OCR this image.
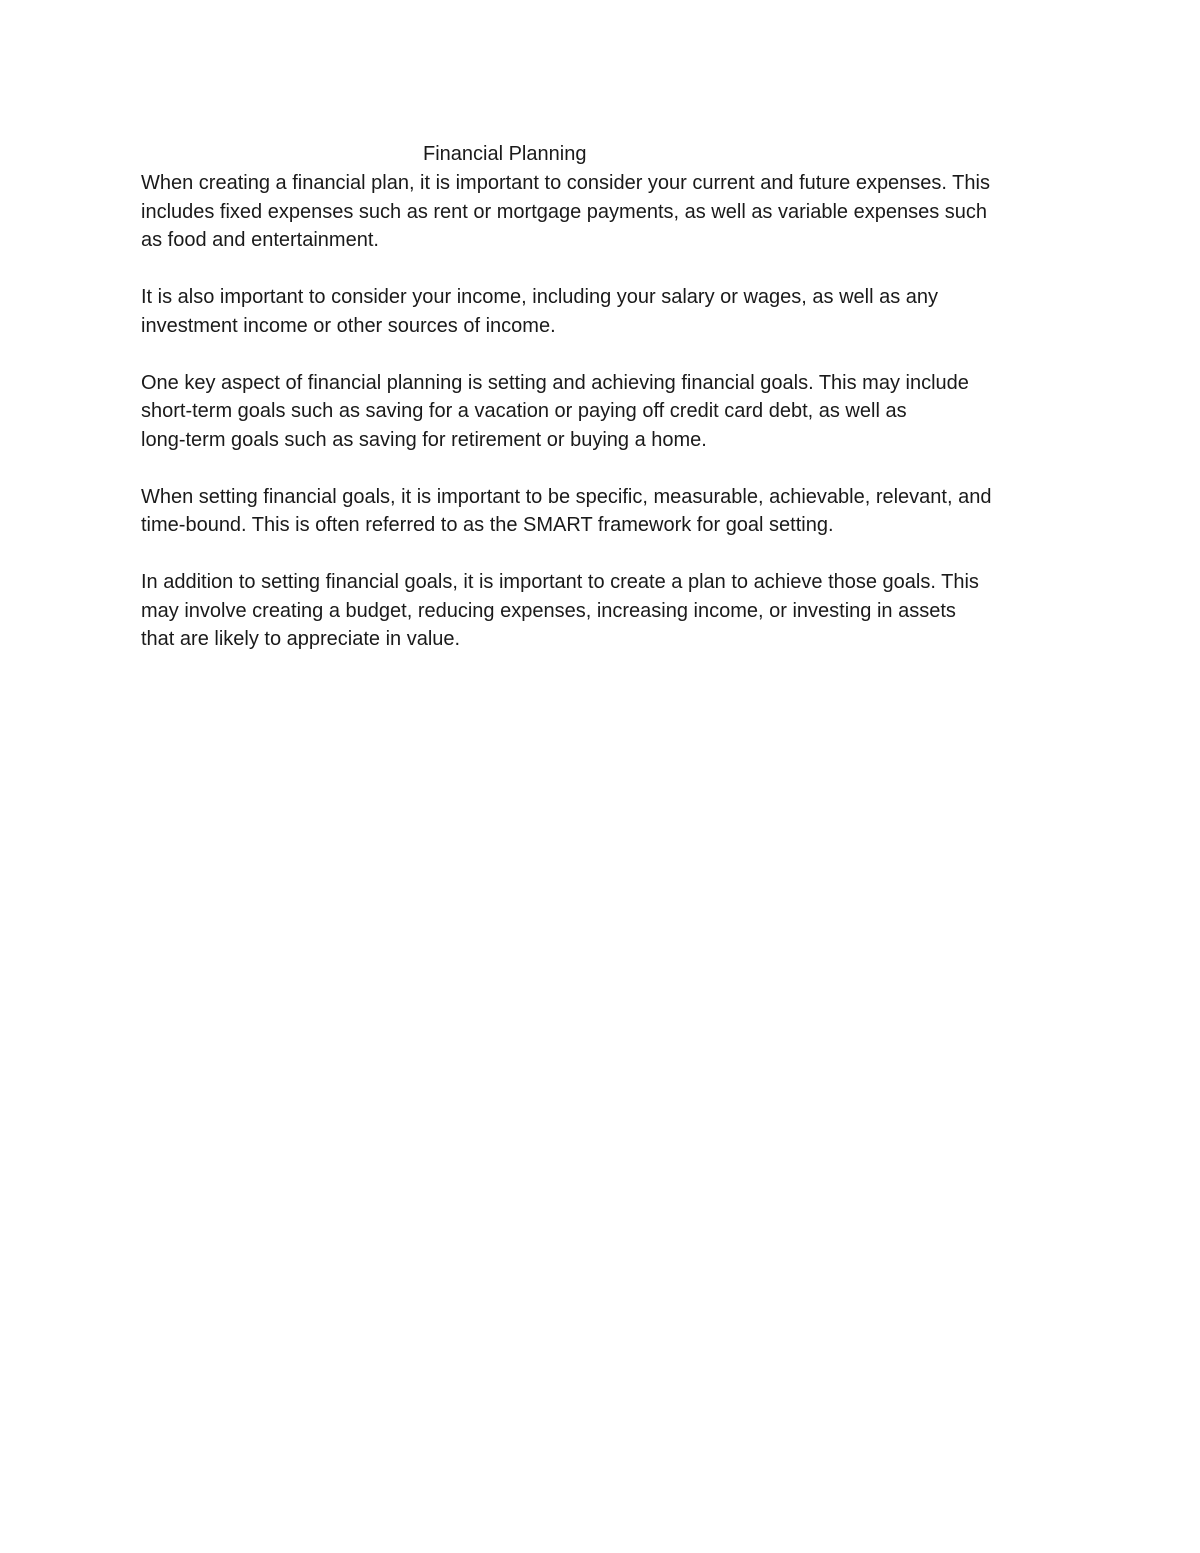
Financial Planning

When creating a financial plan, it is important to consider your current and future expenses. This
includes fixed expenses such as rent or mortgage payments, as well as variable expenses such
as food and entertainment.

It is also important to consider your income, including your salary or wages, as well as any
investment income or other sources of income.

One key aspect of financial planning is setting and achieving financial goals. This may include
short-term goals such as saving for a vacation or paying off credit card debt, as well as
long-term goals such as saving for retirement or buying a home.

When setting financial goals, it is important to be specific, measurable, achievable, relevant, and
time-bound. This is often referred to as the SMART framework for goal setting.

In addition to setting financial goals, it is important to create a plan to achieve those goals. This
may involve creating a budget, reducing expenses, increasing income, or investing in assets
that are likely to appreciate in value.
